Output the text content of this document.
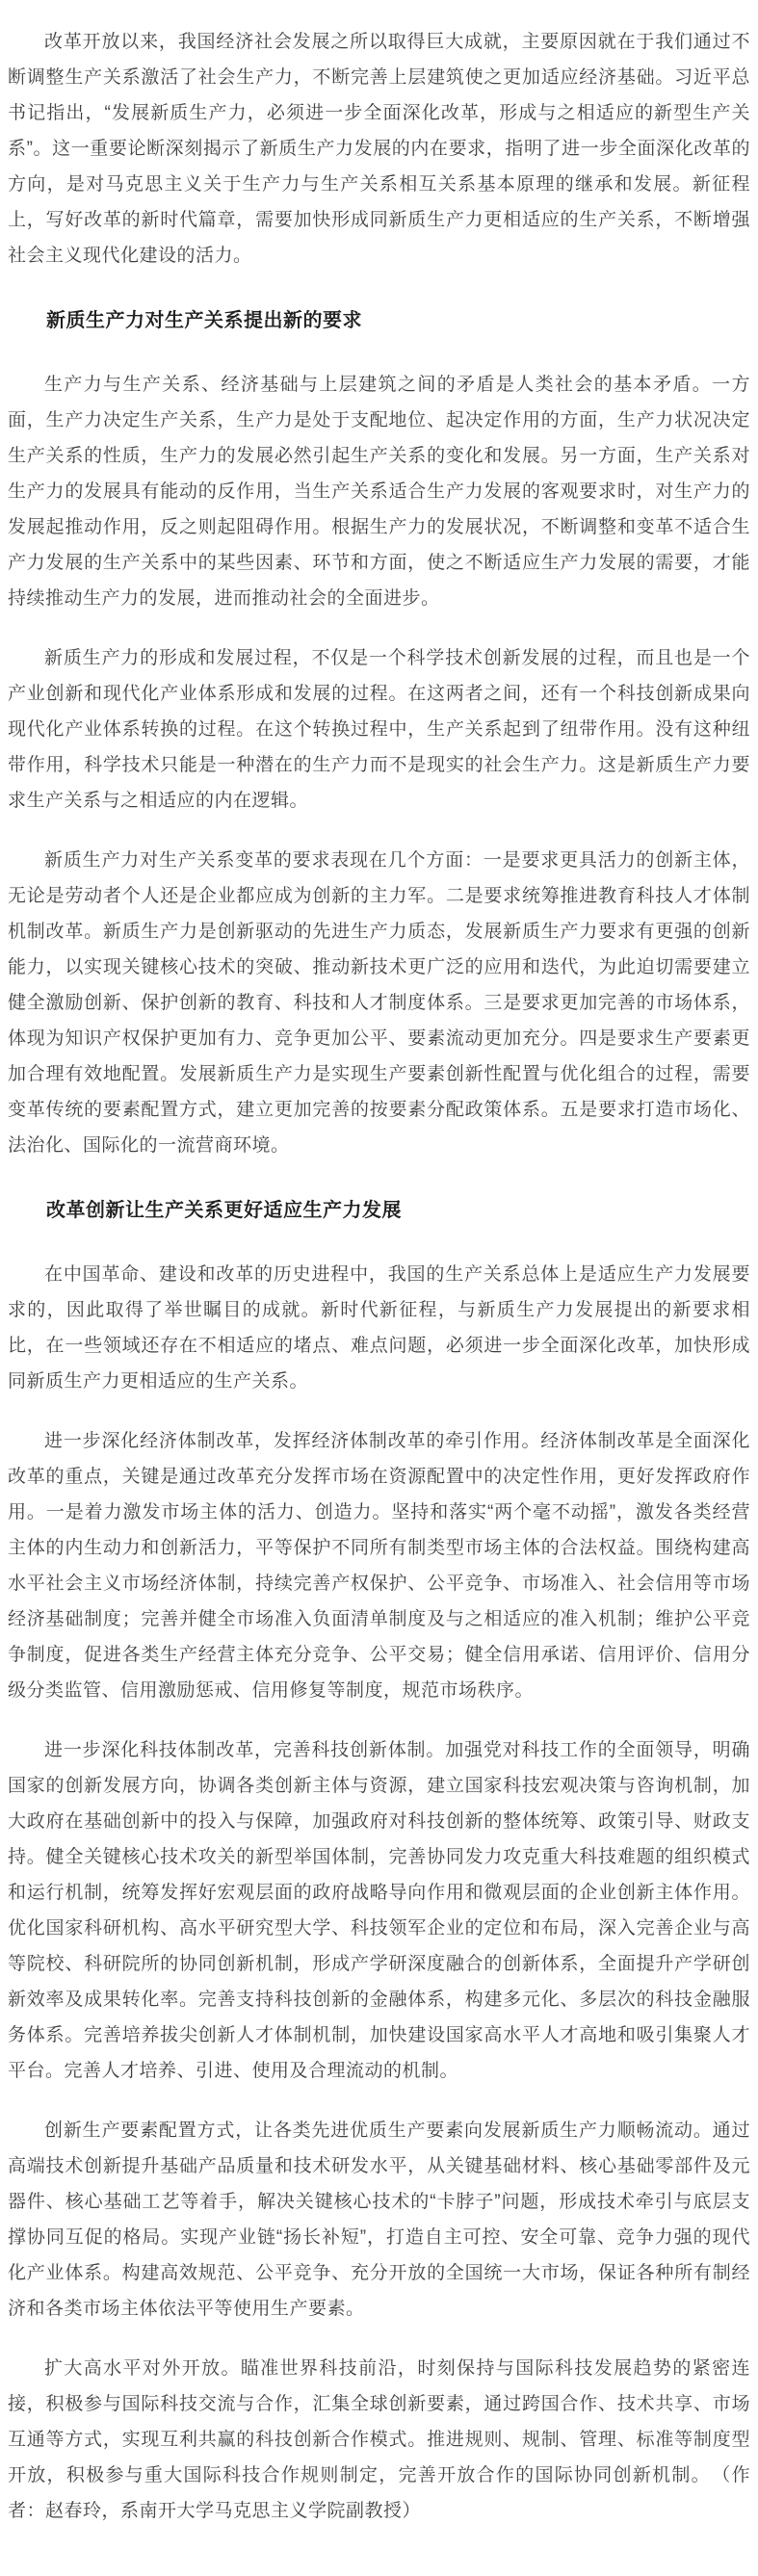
改革开放以来，我国经济社会发展之所以取得巨大成就，主要原因就在于我们通过不断调整生产关系激活了社会生产力，不断完善上层建筑使之更加适应经济基础。习近平总书记指出，“发展新质生产力，必须进一步全面深化改革，形成与之相适应的新型生产关系”。这一重要论断深刻揭示了新质生产力发展的内在要求，指明了进一步全面深化改革的方向，是对马克思主义关于生产力与生产关系相互关系基本原理的继承和发展。新征程上，写好改革的新时代篇章，需要加快形成同新质生产力更相适应的生产关系，不断增强社会主义现代化建设的活力。

新质生产力对生产关系提出新的要求

生产力与生产关系、经济基础与上层建筑之间的矛盾是人类社会的基本矛盾。一方面，生产力决定生产关系，生产力是处于支配地位、起决定作用的方面，生产力状况决定生产关系的性质，生产力的发展必然引起生产关系的变化和发展。另一方面，生产关系对生产力的发展具有能动的反作用，当生产关系适合生产力发展的客观要求时，对生产力的发展起推动作用，反之则起阻碍作用。根据生产力的发展状况，不断调整和变革不适合生产力发展的生产关系中的某些因素、环节和方面，使之不断适应生产力发展的需要，才能持续推动生产力的发展，进而推动社会的全面进步。

新质生产力的形成和发展过程，不仅是一个科学技术创新发展的过程，而且也是一个产业创新和现代化产业体系形成和发展的过程。在这两者之间，还有一个科技创新成果向现代化产业体系转换的过程。在这个转换过程中，生产关系起到了纽带作用。没有这种纽带作用，科学技术只能是一种潜在的生产力而不是现实的社会生产力。这是新质生产力要求生产关系与之相适应的内在逻辑。

新质生产力对生产关系变革的要求表现在几个方面：一是要求更具活力的创新主体，无论是劳动者个人还是企业都应成为创新的主力军。二是要求统筹推进教育科技人才体制机制改革。新质生产力是创新驱动的先进生产力质态，发展新质生产力要求有更强的创新能力，以实现关键核心技术的突破、推动新技术更广泛的应用和迭代，为此迫切需要建立健全激励创新、保护创新的教育、科技和人才制度体系。三是要求更加完善的市场体系，体现为知识产权保护更加有力、竞争更加公平、要素流动更加充分。四是要求生产要素更加合理有效地配置。发展新质生产力是实现生产要素创新性配置与优化组合的过程，需要变革传统的要素配置方式，建立更加完善的按要素分配政策体系。五是要求打造市场化、法治化、国际化的一流营商环境。

改革创新让生产关系更好适应生产力发展

在中国革命、建设和改革的历史进程中，我国的生产关系总体上是适应生产力发展要求的，因此取得了举世瞩目的成就。新时代新征程，与新质生产力发展提出的新要求相比，在一些领域还存在不相适应的堵点、难点问题，必须进一步全面深化改革，加快形成同新质生产力更相适应的生产关系。

进一步深化经济体制改革，发挥经济体制改革的牵引作用。经济体制改革是全面深化改革的重点，关键是通过改革充分发挥市场在资源配置中的决定性作用，更好发挥政府作用。一是着力激发市场主体的活力、创造力。坚持和落实“两个毫不动摇”，激发各类经营主体的内生动力和创新活力，平等保护不同所有制类型市场主体的合法权益。围绕构建高水平社会主义市场经济体制，持续完善产权保护、公平竞争、市场准入、社会信用等市场经济基础制度；完善并健全市场准入负面清单制度及与之相适应的准入机制；维护公平竞争制度，促进各类生产经营主体充分竞争、公平交易；健全信用承诺、信用评价、信用分级分类监管、信用激励惩戒、信用修复等制度，规范市场秩序。

进一步深化科技体制改革，完善科技创新体制。加强党对科技工作的全面领导，明确国家的创新发展方向，协调各类创新主体与资源，建立国家科技宏观决策与咨询机制，加大政府在基础创新中的投入与保障，加强政府对科技创新的整体统筹、政策引导、财政支持。健全关键核心技术攻关的新型举国体制，完善协同发力攻克重大科技难题的组织模式和运行机制，统筹发挥好宏观层面的政府战略导向作用和微观层面的企业创新主体作用。优化国家科研机构、高水平研究型大学、科技领军企业的定位和布局，深入完善企业与高等院校、科研院所的协同创新机制，形成产学研深度融合的创新体系，全面提升产学研创新效率及成果转化率。完善支持科技创新的金融体系，构建多元化、多层次的科技金融服务体系。完善培养拔尖创新人才体制机制，加快建设国家高水平人才高地和吸引集聚人才平台。完善人才培养、引进、使用及合理流动的机制。

创新生产要素配置方式，让各类先进优质生产要素向发展新质生产力顺畅流动。通过高端技术创新提升基础产品质量和技术研发水平，从关键基础材料、核心基础零部件及元器件、核心基础工艺等着手，解决关键核心技术的“卡脖子”问题，形成技术牵引与底层支撑协同互促的格局。实现产业链“扬长补短”，打造自主可控、安全可靠、竞争力强的现代化产业体系。构建高效规范、公平竞争、充分开放的全国统一大市场，保证各种所有制经济和各类市场主体依法平等使用生产要素。

扩大高水平对外开放。瞄准世界科技前沿，时刻保持与国际科技发展趋势的紧密连接，积极参与国际科技交流与合作，汇集全球创新要素，通过跨国合作、技术共享、市场互通等方式，实现互利共赢的科技创新合作模式。推进规则、规制、管理、标准等制度型开放，积极参与重大国际科技合作规则制定，完善开放合作的国际协同创新机制。　（作者：赵春玲，系南开大学马克思主义学院副教授）
